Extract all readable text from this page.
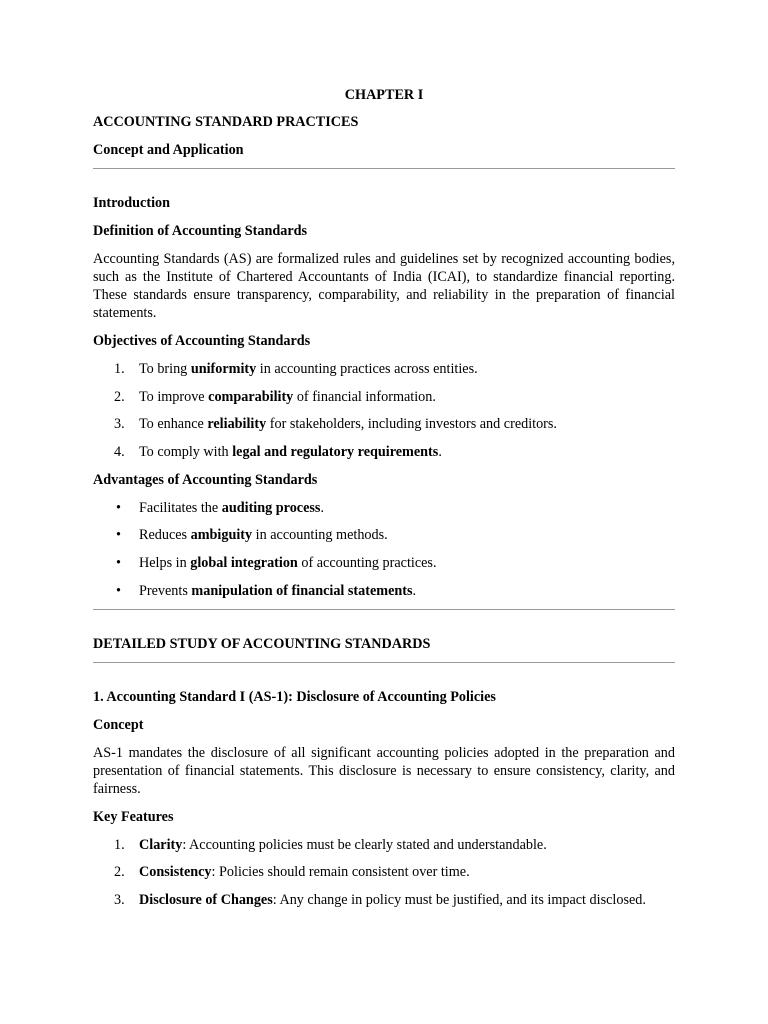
CHAPTER I
ACCOUNTING STANDARD PRACTICES
Concept and Application
Introduction
Definition of Accounting Standards

Accounting Standards (AS) are formalized rules and guidelines set by recognized accounting bodies, such as the Institute of Chartered Accountants of India (ICAI), to standardize financial reporting. These standards ensure transparency, comparability, and reliability in the preparation of financial statements.

Objectives of Accounting Standards
1. To bring uniformity in accounting practices across entities.
2. To improve comparability of financial information.
3. To enhance reliability for stakeholders, including investors and creditors.
4. To comply with legal and regulatory requirements.
Advantages of Accounting Standards
• Facilitates the auditing process.
• Reduces ambiguity in accounting methods.
• Helps in global integration of accounting practices.
• Prevents manipulation of financial statements.
DETAILED STUDY OF ACCOUNTING STANDARDS
1. Accounting Standard I (AS-1): Disclosure of Accounting Policies
Concept

AS-1 mandates the disclosure of all significant accounting policies adopted in the preparation and presentation of financial statements. This disclosure is necessary to ensure consistency, clarity, and fairness.

Key Features
1. Clarity: Accounting policies must be clearly stated and understandable.
2. Consistency: Policies should remain consistent over time.
3. Disclosure of Changes: Any change in policy must be justified, and its impact disclosed.
